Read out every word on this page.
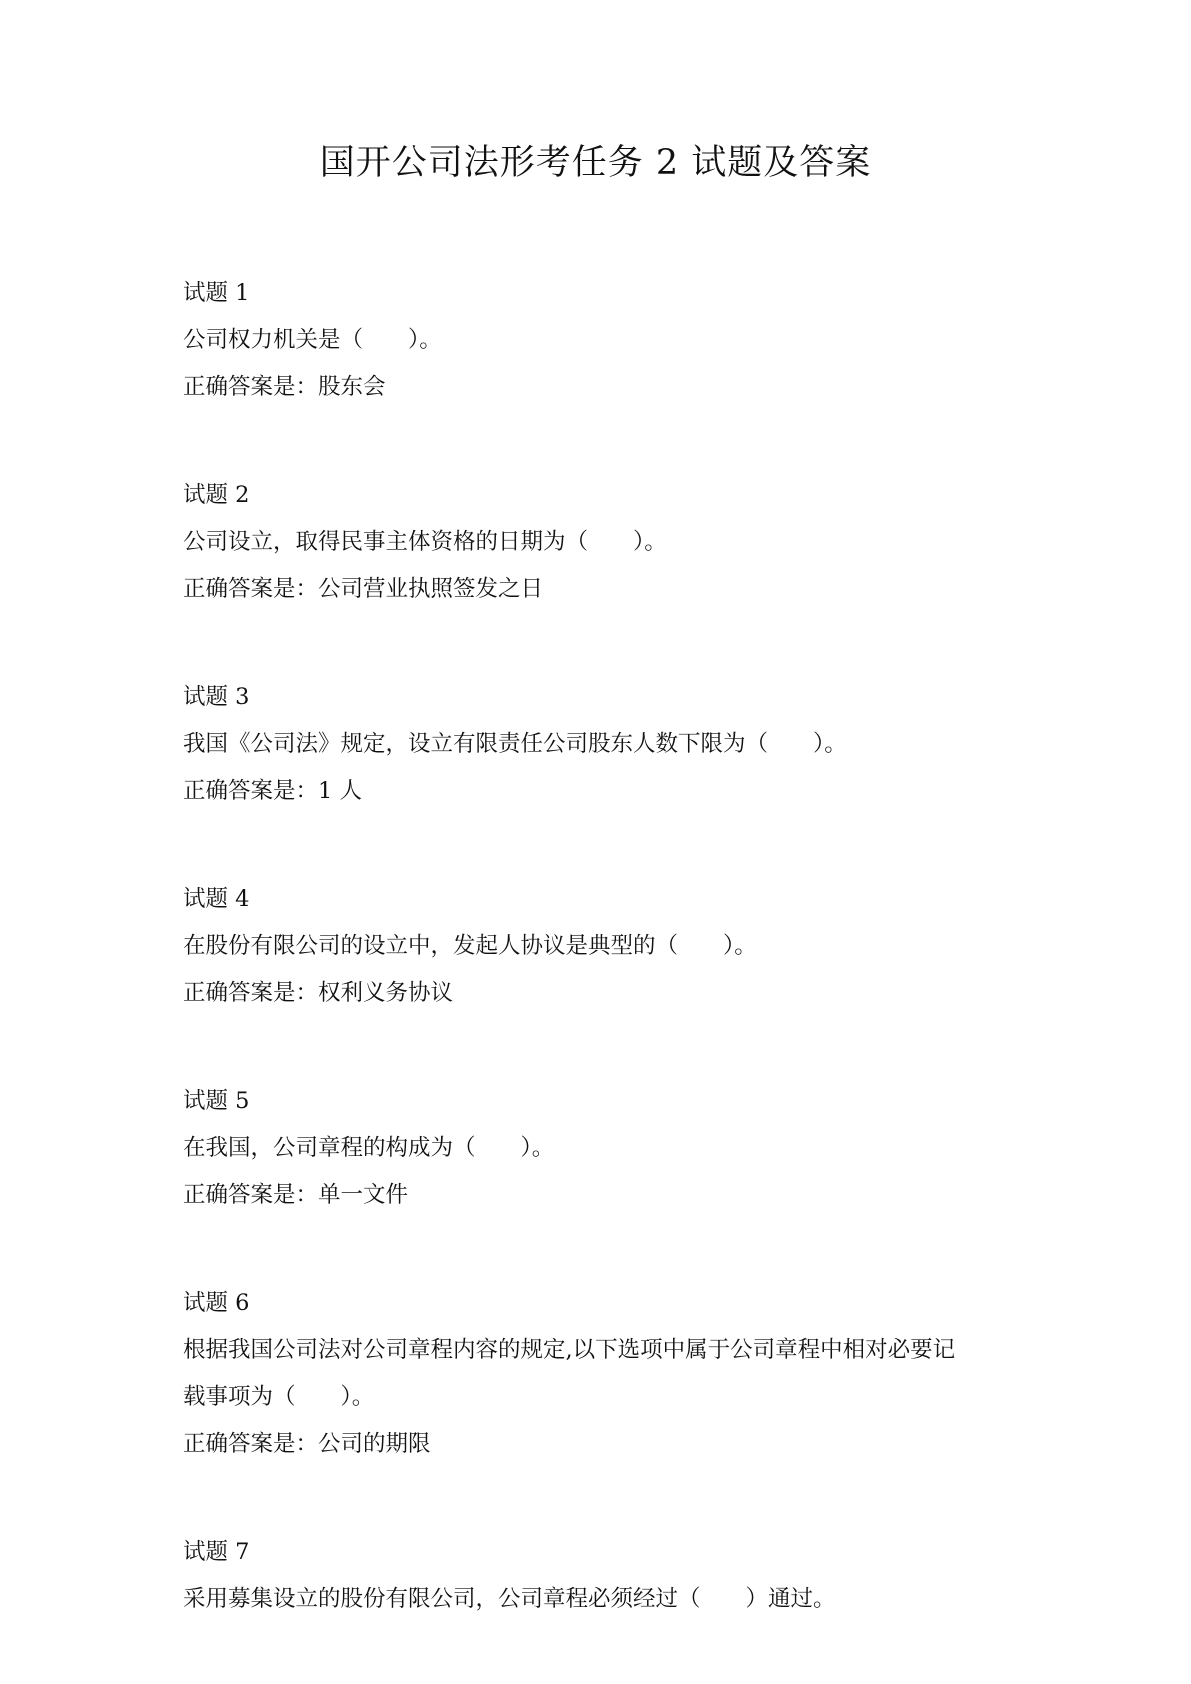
国开公司法形考任务 2 试题及答案

试题 1

公司权力机关是（　　）。

正确答案是：股东会

试题 2

公司设立，取得民事主体资格的日期为（　　）。

正确答案是：公司营业执照签发之日

试题 3

我国《公司法》规定，设立有限责任公司股东人数下限为（　　）。

正确答案是：1 人

试题 4

在股份有限公司的设立中，发起人协议是典型的（　　）。

正确答案是：权利义务协议

试题 5

在我国，公司章程的构成为（　　）。

正确答案是：单一文件

试题 6

根据我国公司法对公司章程内容的规定,以下选项中属于公司章程中相对必要记

载事项为（　　）。

正确答案是：公司的期限

试题 7

采用募集设立的股份有限公司，公司章程必须经过（　　）通过。
